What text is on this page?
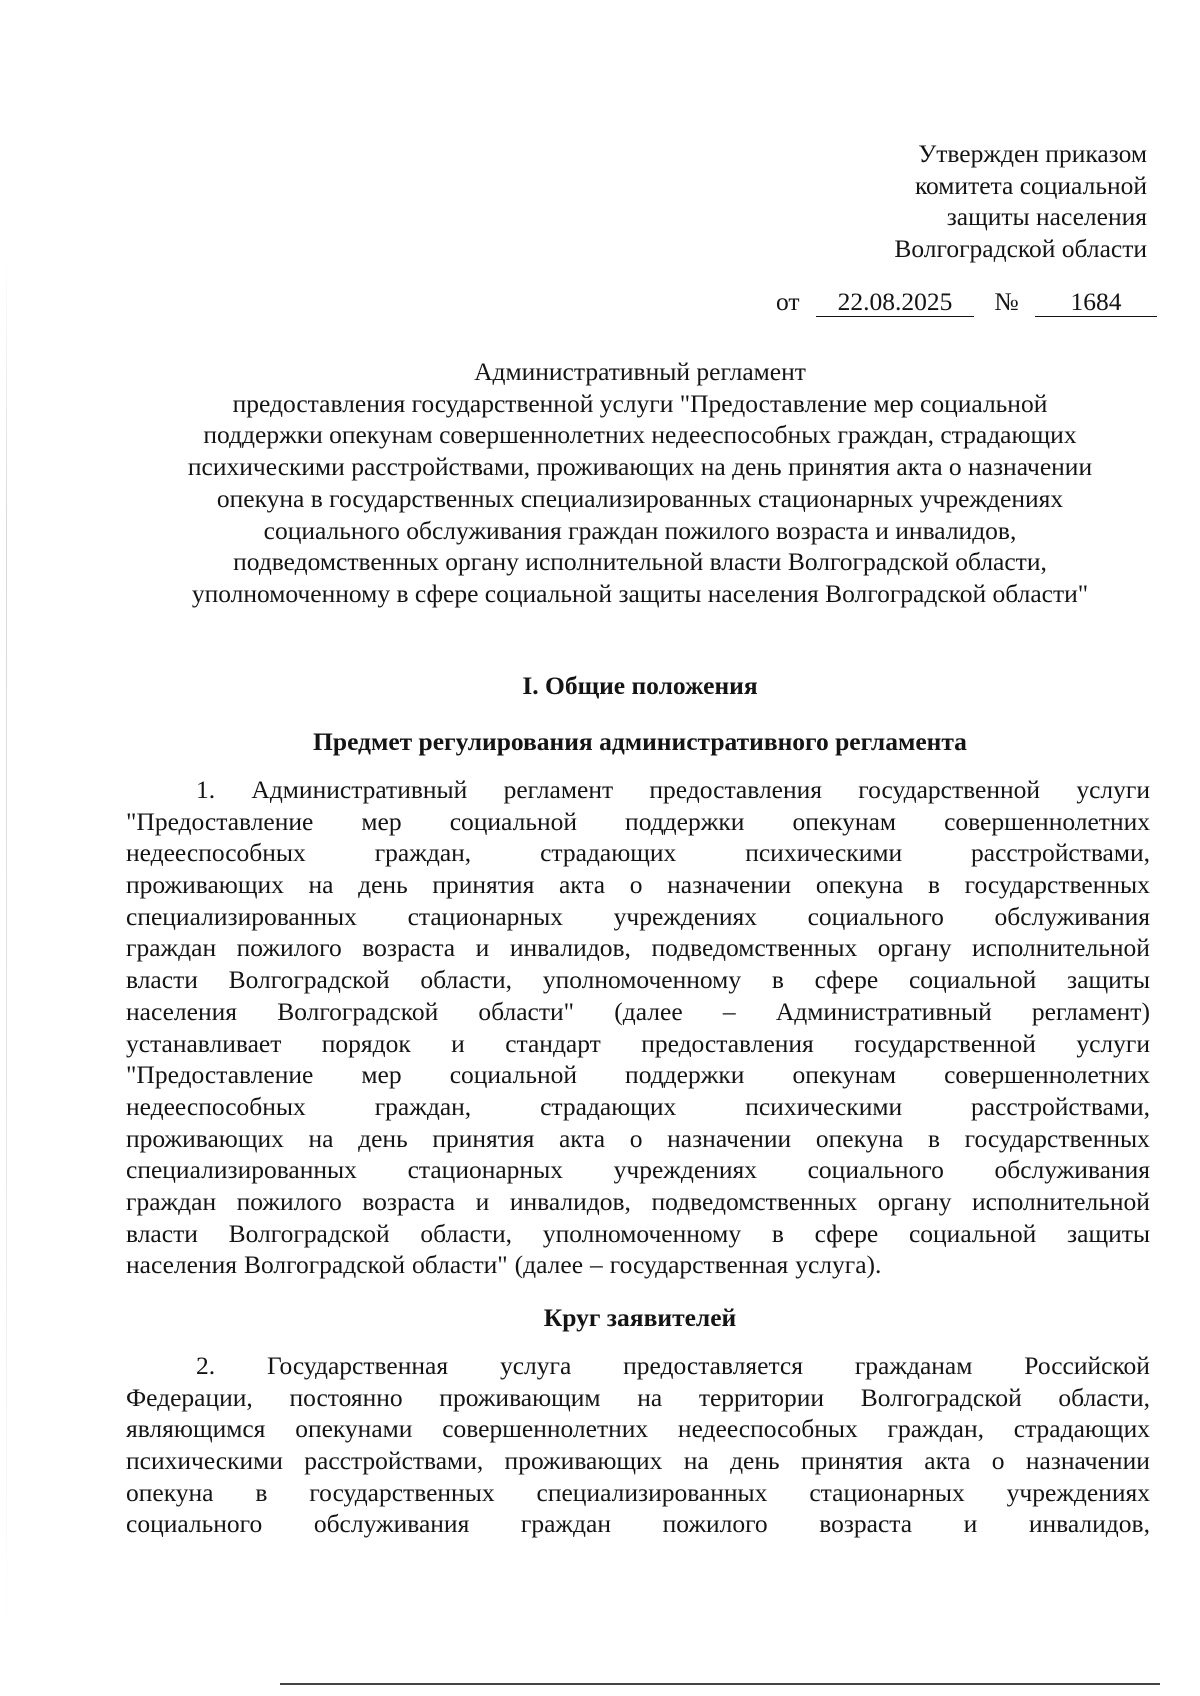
Утвержден приказом
комитета социальной
защиты населения
Волгоградской области
от 22.08.2025 № 1684
Административный регламент
предоставления государственной услуги "Предоставление мер социальной
поддержки опекунам совершеннолетних недееспособных граждан, страдающих
психическими расстройствами, проживающих на день принятия акта о назначении
опекуна в государственных специализированных стационарных учреждениях
социального обслуживания граждан пожилого возраста и инвалидов,
подведомственных органу исполнительной власти Волгоградской области,
уполномоченному в сфере социальной защиты населения Волгоградской области"
I. Общие положения
Предмет регулирования административного регламента
1. Административный регламент предоставления государственной услуги
"Предоставление мер социальной поддержки опекунам совершеннолетних
недееспособных	граждан,	страдающих	психическими	расстройствами,
проживающих на день принятия акта о назначении опекуна в государственных
специализированных стационарных учреждениях социального обслуживания
граждан пожилого возраста и инвалидов, подведомственных органу исполнительной
власти Волгоградской области, уполномоченному в сфере социальной защиты
населения Волгоградской области" (далее – Административный регламент)
устанавливает порядок и стандарт предоставления государственной услуги
"Предоставление мер социальной поддержки опекунам совершеннолетних
недееспособных	граждан,	страдающих	психическими	расстройствами,
проживающих на день принятия акта о назначении опекуна в государственных
специализированных стационарных учреждениях социального обслуживания
граждан пожилого возраста и инвалидов, подведомственных органу исполнительной
власти Волгоградской области, уполномоченному в сфере социальной защиты
населения Волгоградской области" (далее – государственная услуга).
Круг заявителей
2. Государственная услуга предоставляется гражданам Российской
Федерации, постоянно проживающим на территории Волгоградской области,
являющимся опекунами совершеннолетних недееспособных граждан, страдающих
психическими расстройствами, проживающих на день принятия акта о назначении
опекуна в государственных специализированных стационарных учреждениях
социального обслуживания граждан пожилого возраста и инвалидов,
